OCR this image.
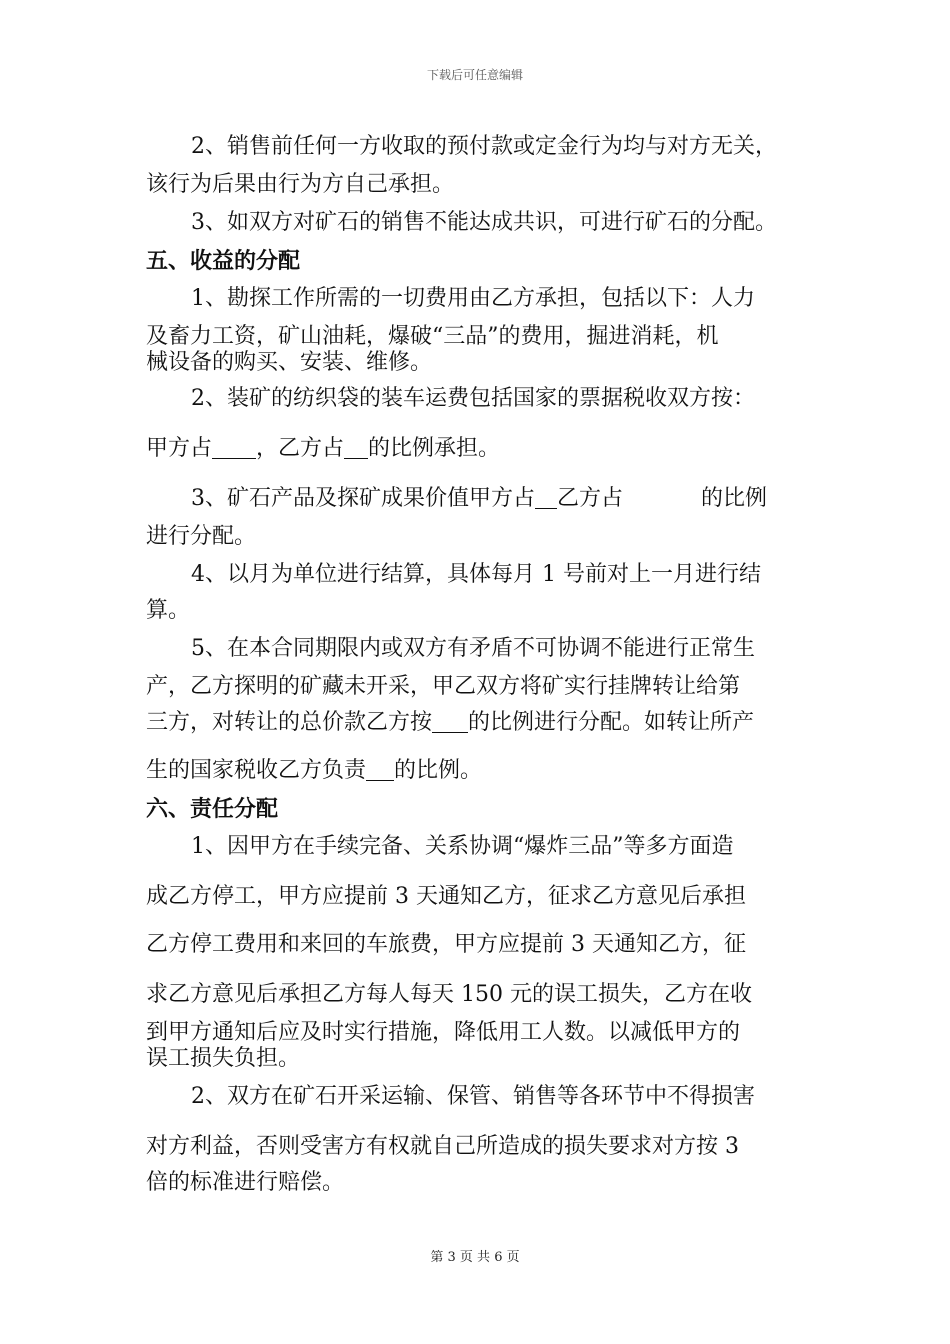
下载后可任意编辑
2、销售前任何一方收取的预付款或定金行为均与对方无关，
该行为后果由行为方自己承担。
3、如双方对矿石的销售不能达成共识，可进行矿石的分配。
五、收益的分配
1、勘探工作所需的一切费用由乙方承担，包括以下：人力
及畜力工资，矿山油耗，爆破“三品”的费用，掘进消耗，机
械设备的购买、安装、维修。
2、装矿的纺织袋的装车运费包括国家的票据税收双方按：
甲方占 ，乙方占 的比例承担。
3、矿石产品及探矿成果价值甲方占 乙方占	的比例
进行分配。
4、以月为单位进行结算，具体每月 1 号前对上一月进行结
算。
5、在本合同期限内或双方有矛盾不可协调不能进行正常生
产，乙方探明的矿藏未开采，甲乙双方将矿实行挂牌转让给第
三方，对转让的总价款乙方按 的比例进行分配。如转让所产
生的国家税收乙方负责 的比例。
六、责任分配
1、因甲方在手续完备、关系协调“爆炸三品”等多方面造
成乙方停工，甲方应提前 3 天通知乙方，征求乙方意见后承担
乙方停工费用和来回的车旅费，甲方应提前 3 天通知乙方，征
求乙方意见后承担乙方每人每天 150 元的误工损失，乙方在收
到甲方通知后应及时实行措施，降低用工人数。以减低甲方的
误工损失负担。
2、双方在矿石开采运输、保管、销售等各环节中不得损害
对方利益，否则受害方有权就自己所造成的损失要求对方按 3
倍的标准进行赔偿。
第 3 页 共 6 页
